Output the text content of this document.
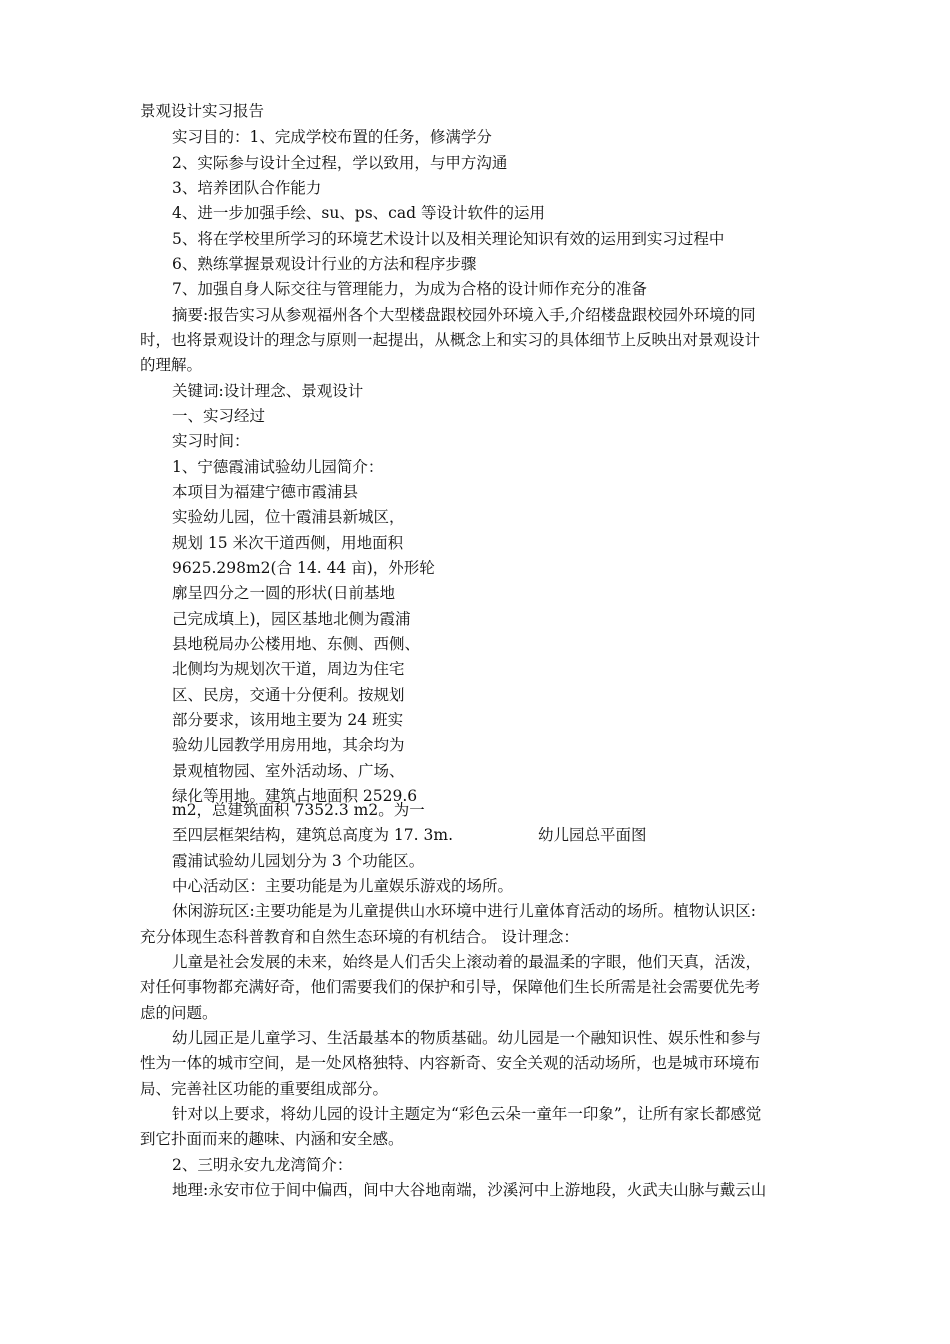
景观设计实习报告
实习目的：1、完成学校布置的任务，修满学分
2、实际参与设计全过程，学以致用，与甲方沟通
3、培养团队合作能力
4、进一步加强手绘、su、ps、cad 等设计软件的运用
5、将在学校里所学习的环境艺术设计以及相关理论知识有效的运用到实习过程中
6、熟练掌握景观设计行业的方法和程序步骤
7、加强自身人际交往与管理能力，为成为合格的设计师作充分的准备
摘要:报告实习从参观福州各个大型楼盘跟校园外环境入手,介绍楼盘跟校园外环境的同
时，也将景观设计的理念与原则一起提出，从概念上和实习的具体细节上反映出对景观设计
的理解。
关键词:设计理念、景观设计
一、实习经过
实习时间：
1、宁德霞浦试验幼儿园简介：
本项目为福建宁德市霞浦县
实验幼儿园，位十霞浦县新城区，
规划 15 米次干道西侧，用地面积
9625.298m2(合 14. 44 亩)，外形轮
廓呈四分之一圆的形状(日前基地
己完成填上)，园区基地北侧为霞浦
县地税局办公楼用地、东侧、西侧、
北侧均为规划次干道，周边为住宅
区、民房，交通十分便利。按规划
部分要求，该用地主要为 24 班实
验幼儿园教学用房用地，其余均为
景观植物园、室外活动场、广场、
绿化等用地。建筑占地面积 2529.6
m2，总建筑面积 7352.3 m2。为一
至四层框架结构，建筑总高度为 17. 3m.	幼儿园总平面图
霞浦试验幼儿园划分为 3 个功能区。
中心活动区：主要功能是为儿童娱乐游戏的场所。
休闲游玩区:主要功能是为儿童提供山水环境中进行儿童体育活动的场所。植物认识区:
充分体现生态科普教育和自然生态环境的有机结合。 设计理念：
儿童是社会发展的未来，始终是人们舌尖上滚动着的最温柔的字眼，他们天真，活泼，
对任何事物都充满好奇，他们需要我们的保护和引导，保障他们生长所需是社会需要优先考
虑的问题。
幼儿园正是儿童学习、生活最基本的物质基础。幼儿园是一个融知识性、娱乐性和参与
性为一体的城市空间，是一处风格独特、内容新奇、安全关观的活动场所，也是城市环境布
局、完善社区功能的重要组成部分。
针对以上要求，将幼儿园的设计主题定为“彩色云朵一童年一印象”，让所有家长都感觉
到它扑面而来的趣味、内涵和安全感。
2、三明永安九龙湾简介：
地理:永安市位于间中偏西，间中大谷地南端，沙溪河中上游地段，火武夫山脉与戴云山
